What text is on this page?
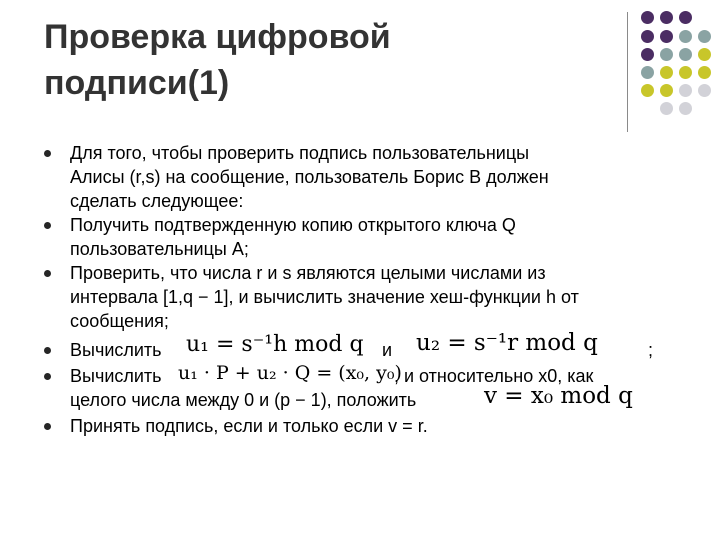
Проверка цифровой
подписи(1)
Для того, чтобы проверить подпись пользовательницы
Алисы (r,s) на сообщение, пользователь Борис B должен
сделать следующее:
Получить подтвержденную копию открытого ключа Q
пользовательницы A;
Проверить, что числа r и s являются целыми числами из
интервала [1,q − 1], и вычислить значение хеш-функции h от
сообщения;
Вычислить	и	;
Вычислить	, и относительно x0, как
целого числа между 0 и (p − 1), положить
Принять подпись, если и только если v = r.
u₁ = s⁻¹h mod q u₂ = s⁻¹r mod q
u₁ · P + u₂ · Q = (x₀, y₀)
v = x₀ mod q
